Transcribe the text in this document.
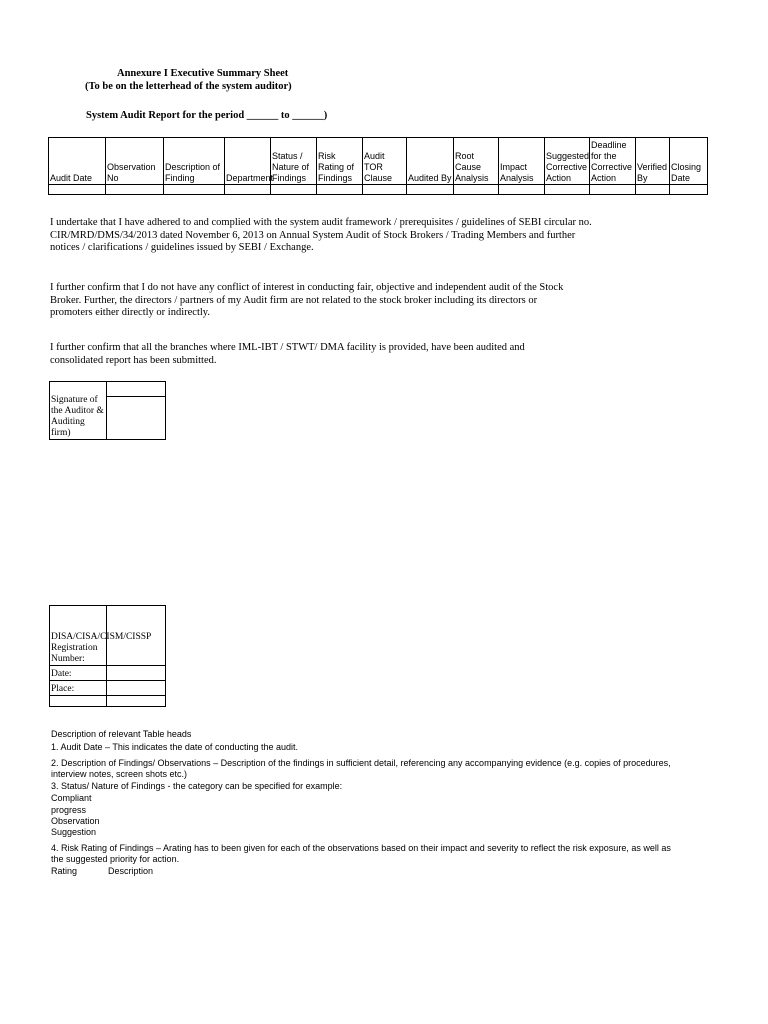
Annexure I Executive Summary Sheet
(To be on the letterhead of the system auditor)
System Audit Report for the period ______ to ______)
Audit Date	Observation No	Description of Finding	Department	Status / Nature of Findings	Risk Rating of Findings	Audit TOR Clause	Audited By	Root Cause Analysis	Impact Analysis	Suggested Corrective Action	Deadline for the Corrective Action	Verified By	Closing Date

I undertake that I have adhered to and complied with the system audit framework / prerequisites / guidelines of SEBI circular no.
CIR/MRD/DMS/34/2013 dated November 6, 2013 on Annual System Audit of Stock Brokers / Trading Members and further
notices / clarifications / guidelines issued by SEBI / Exchange.
I further confirm that I do not have any conflict of interest in conducting fair, objective and independent audit of the Stock
Broker. Further, the directors / partners of my Audit firm are not related to the stock broker including its directors or
promoters either directly or indirectly.
I further confirm that all the branches where IML-IBT / STWT/ DMA facility is provided, have been audited and
consolidated report has been submitted.
Signature of the Auditor & Auditing firm)	

DISA/CISA/CISM/CISSP Registration Number:	
Date:	
Place:	

Description of relevant Table heads
1. Audit Date – This indicates the date of conducting the audit.
2. Description of Findings/ Observations – Description of the findings in sufficient detail, referencing any accompanying evidence (e.g. copies of procedures, interview notes, screen shots etc.)
3. Status/ Nature of Findings - the category can be specified for example:
Compliant
progress
Observation
Suggestion
4. Risk Rating of Findings – Arating has to been given for each of the observations based on their impact and severity to reflect the risk exposure, as well as the suggested priority for action.
Rating	Description
